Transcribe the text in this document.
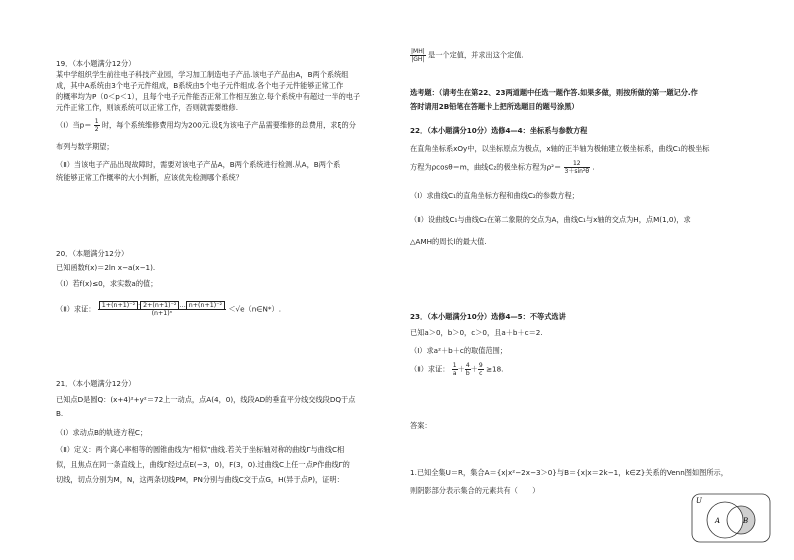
19．（本小题满分12分）
某中学组织学生前往电子科技产业园，学习加工制造电子产品.该电子产品由A，B两个系统组
成，其中A系统由3个电子元件组成，B系统由5个电子元件组成.各个电子元件能够正常工作
的概率均为P（0＜p＜1），且每个电子元件能否正常工作相互独立.每个系统中有超过一半的电子
元件正常工作，则该系统可以正常工作，否则就需要维修.
（Ⅰ）当$p= \frac{1}{2}$ 时，每个系统维修费用均为200元.设ξ为该电子产品需要维修的总费用，求ξ的分
布列与数学期望；
（Ⅱ）当该电子产品出现故障时，需要对该电子产品A，B两个系统进行检测.从A，B两个系
统能够正常工作概率的大小判断，应该优先检测哪个系统？
20．（本题满分12分）
已知函数f(x)＝2ln x−a(x−1).
（Ⅰ）若f(x)≤0，求实数a的值；
（Ⅱ）求证： $\frac{\text{1+(n+1)⁻² · 2+(n+1)⁻² … n+(n+1)⁻²}}{\text{(n+1)ⁿ}}$ ＜√e（n∈N*）.
21．（本小题满分12分）
已知点D是圆Q：(x+4)²+y²＝72上一动点，点A(4，0)，线段AD的垂直平分线交线段DQ于点
B.
（Ⅰ）求动点B的轨迹方程C；
（Ⅱ）定义：两个离心率相等的圆锥曲线为“相似”曲线.若关于坐标轴对称的曲线Γ与曲线C相
似，且焦点在同一条直线上，曲线Γ经过点E(−3，0)，F(3，0).过曲线C上任一点P作曲线Γ的
切线，切点分别为M，N，这两条切线PM，PN分别与曲线C交于点G，H(异于点P)，证明：
$\frac{|MH|}{|GH|}$ 是一个定值，并求出这个定值.
选考题：（请考生在第22、23两道题中任选一题作答.如果多做，则按所做的第一题记分.作
答时请用2B铅笔在答题卡上把所选题目的题号涂黑）
22．（本小题满分10分）选修4—4：坐标系与参数方程
在直角坐标系xOy中，以坐标原点为极点，x轴的正半轴为极轴建立极坐标系，曲线C₁的极坐标
方程为ρcosθ＝m，曲线C₂的极坐标方程为$\rho^2= \frac{12}{\text{3＋sin²θ}}$ .
（Ⅰ）求曲线C₁的直角坐标方程和曲线C₂的参数方程；
（Ⅱ）设曲线C₁与曲线C₂在第二象限的交点为A，曲线C₁与x轴的交点为H，点M(1,0)，求
△AMH的周长l的最大值.
23．（本小题满分10分）选修4—5：不等式选讲
已知a＞0，b＞0，c＞0，且a＋b＋c＝2.
（Ⅰ）求a²＋b＋c的取值范围；
（Ⅱ）求证： $\frac{1}{a} + \frac{4}{b} + \frac{9}{c} \ge 18$.
答案：
1.已知全集U＝R，集合A＝{x|x²−2x−3＞0}与B＝{x|x＝2k−1，k∈Z}关系的Venn图如图所示，
则阴影部分表示集合的元素共有（　　）
U
A	B
